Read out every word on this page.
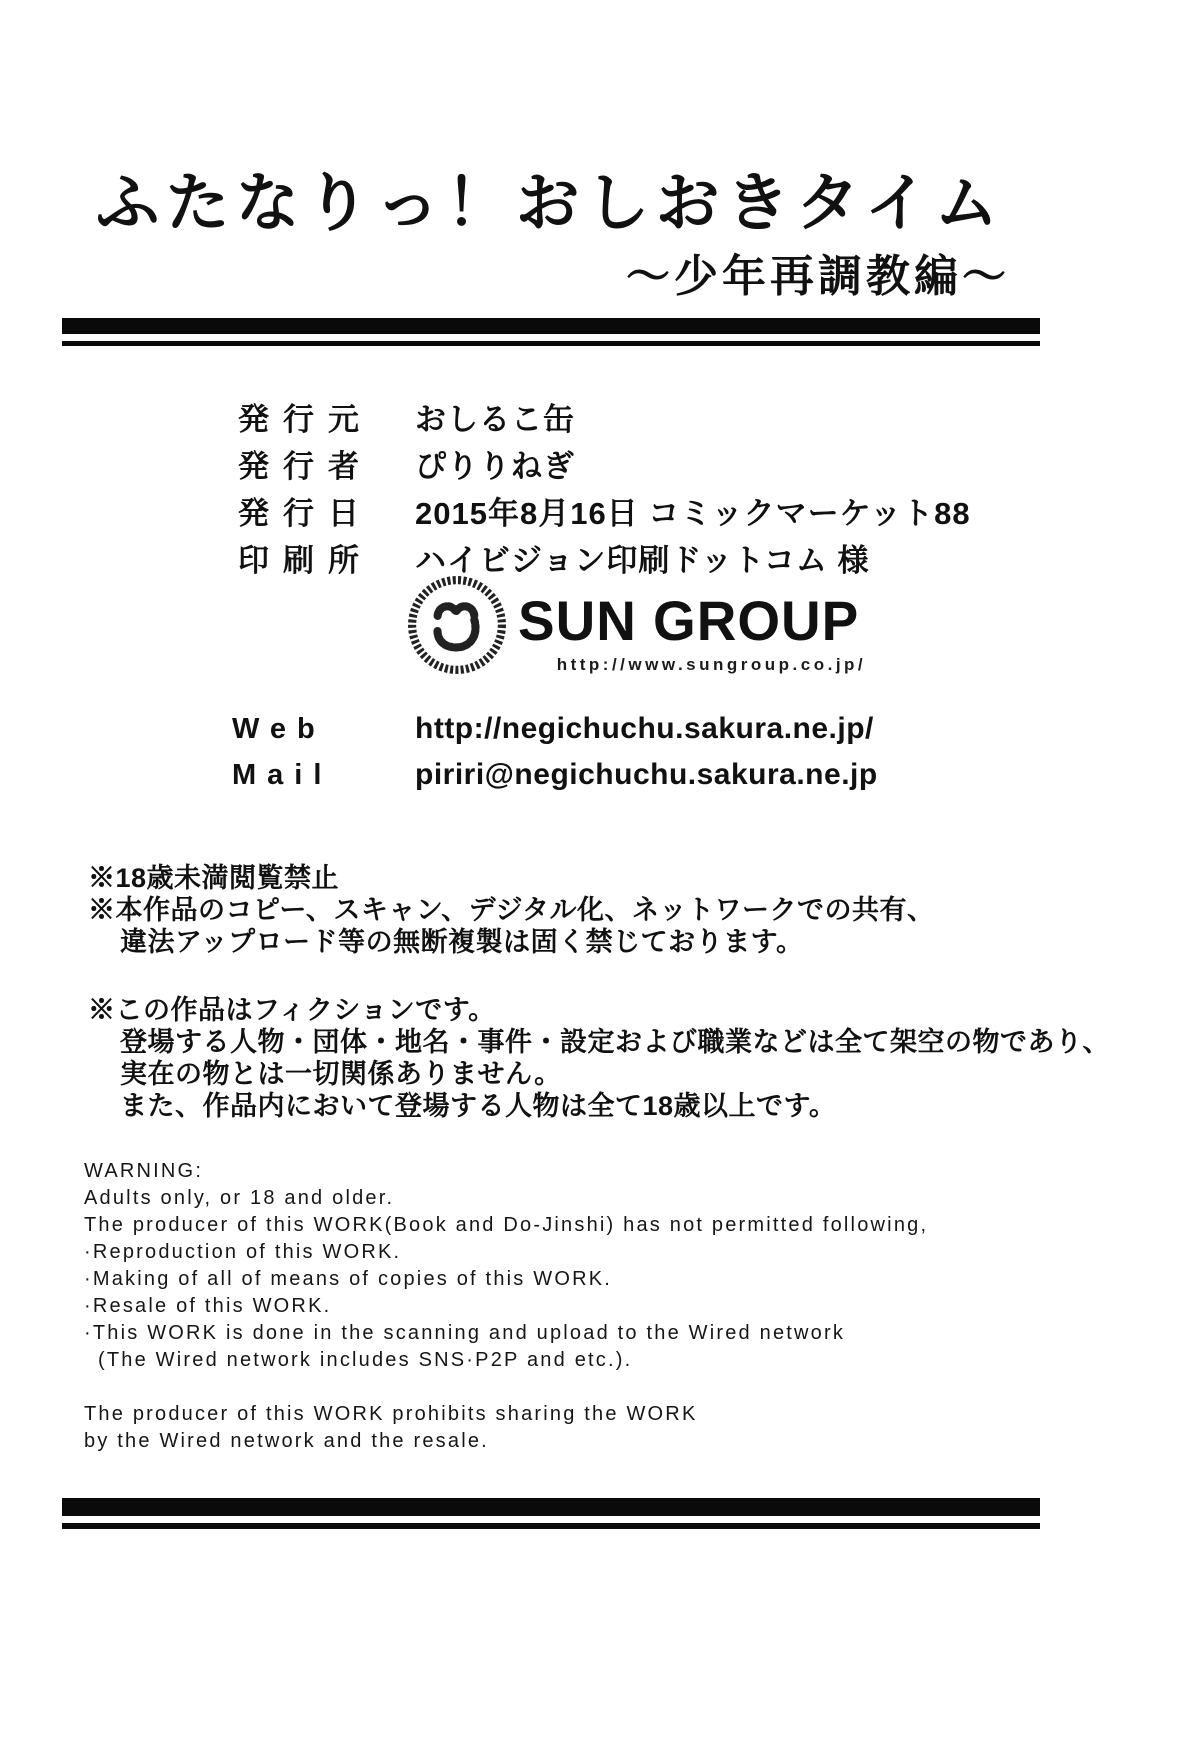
ふたなりっ！おしおきタイム
～少年再調教編～
発行元 おしるこ缶
発行者 ぴりりねぎ
発行日 2015年8月16日 コミックマーケット88
印刷所 ハイビジョン印刷ドットコム 様
SUN GROUP
http://www.sungroup.co.jp/
Web	http://negichuchu.sakura.ne.jp/
Mail	piriri@negichuchu.sakura.ne.jp
※18歳未満閲覧禁止
※本作品のコピー、スキャン、デジタル化、ネットワークでの共有、
違法アップロード等の無断複製は固く禁じております。
※この作品はフィクションです。
登場する人物・団体・地名・事件・設定および職業などは全て架空の物であり、
実在の物とは一切関係ありません。
また、作品内において登場する人物は全て18歳以上です。
WARNING:
Adults only, or 18 and older.
The producer of this WORK(Book and Do-Jinshi) has not permitted following,
·Reproduction of this WORK.
·Making of all of means of copies of this WORK.
·Resale of this WORK.
·This WORK is done in the scanning and upload to the Wired network
(The Wired network includes SNS·P2P and etc.).
The producer of this WORK prohibits sharing the WORK
by the Wired network and the resale.
